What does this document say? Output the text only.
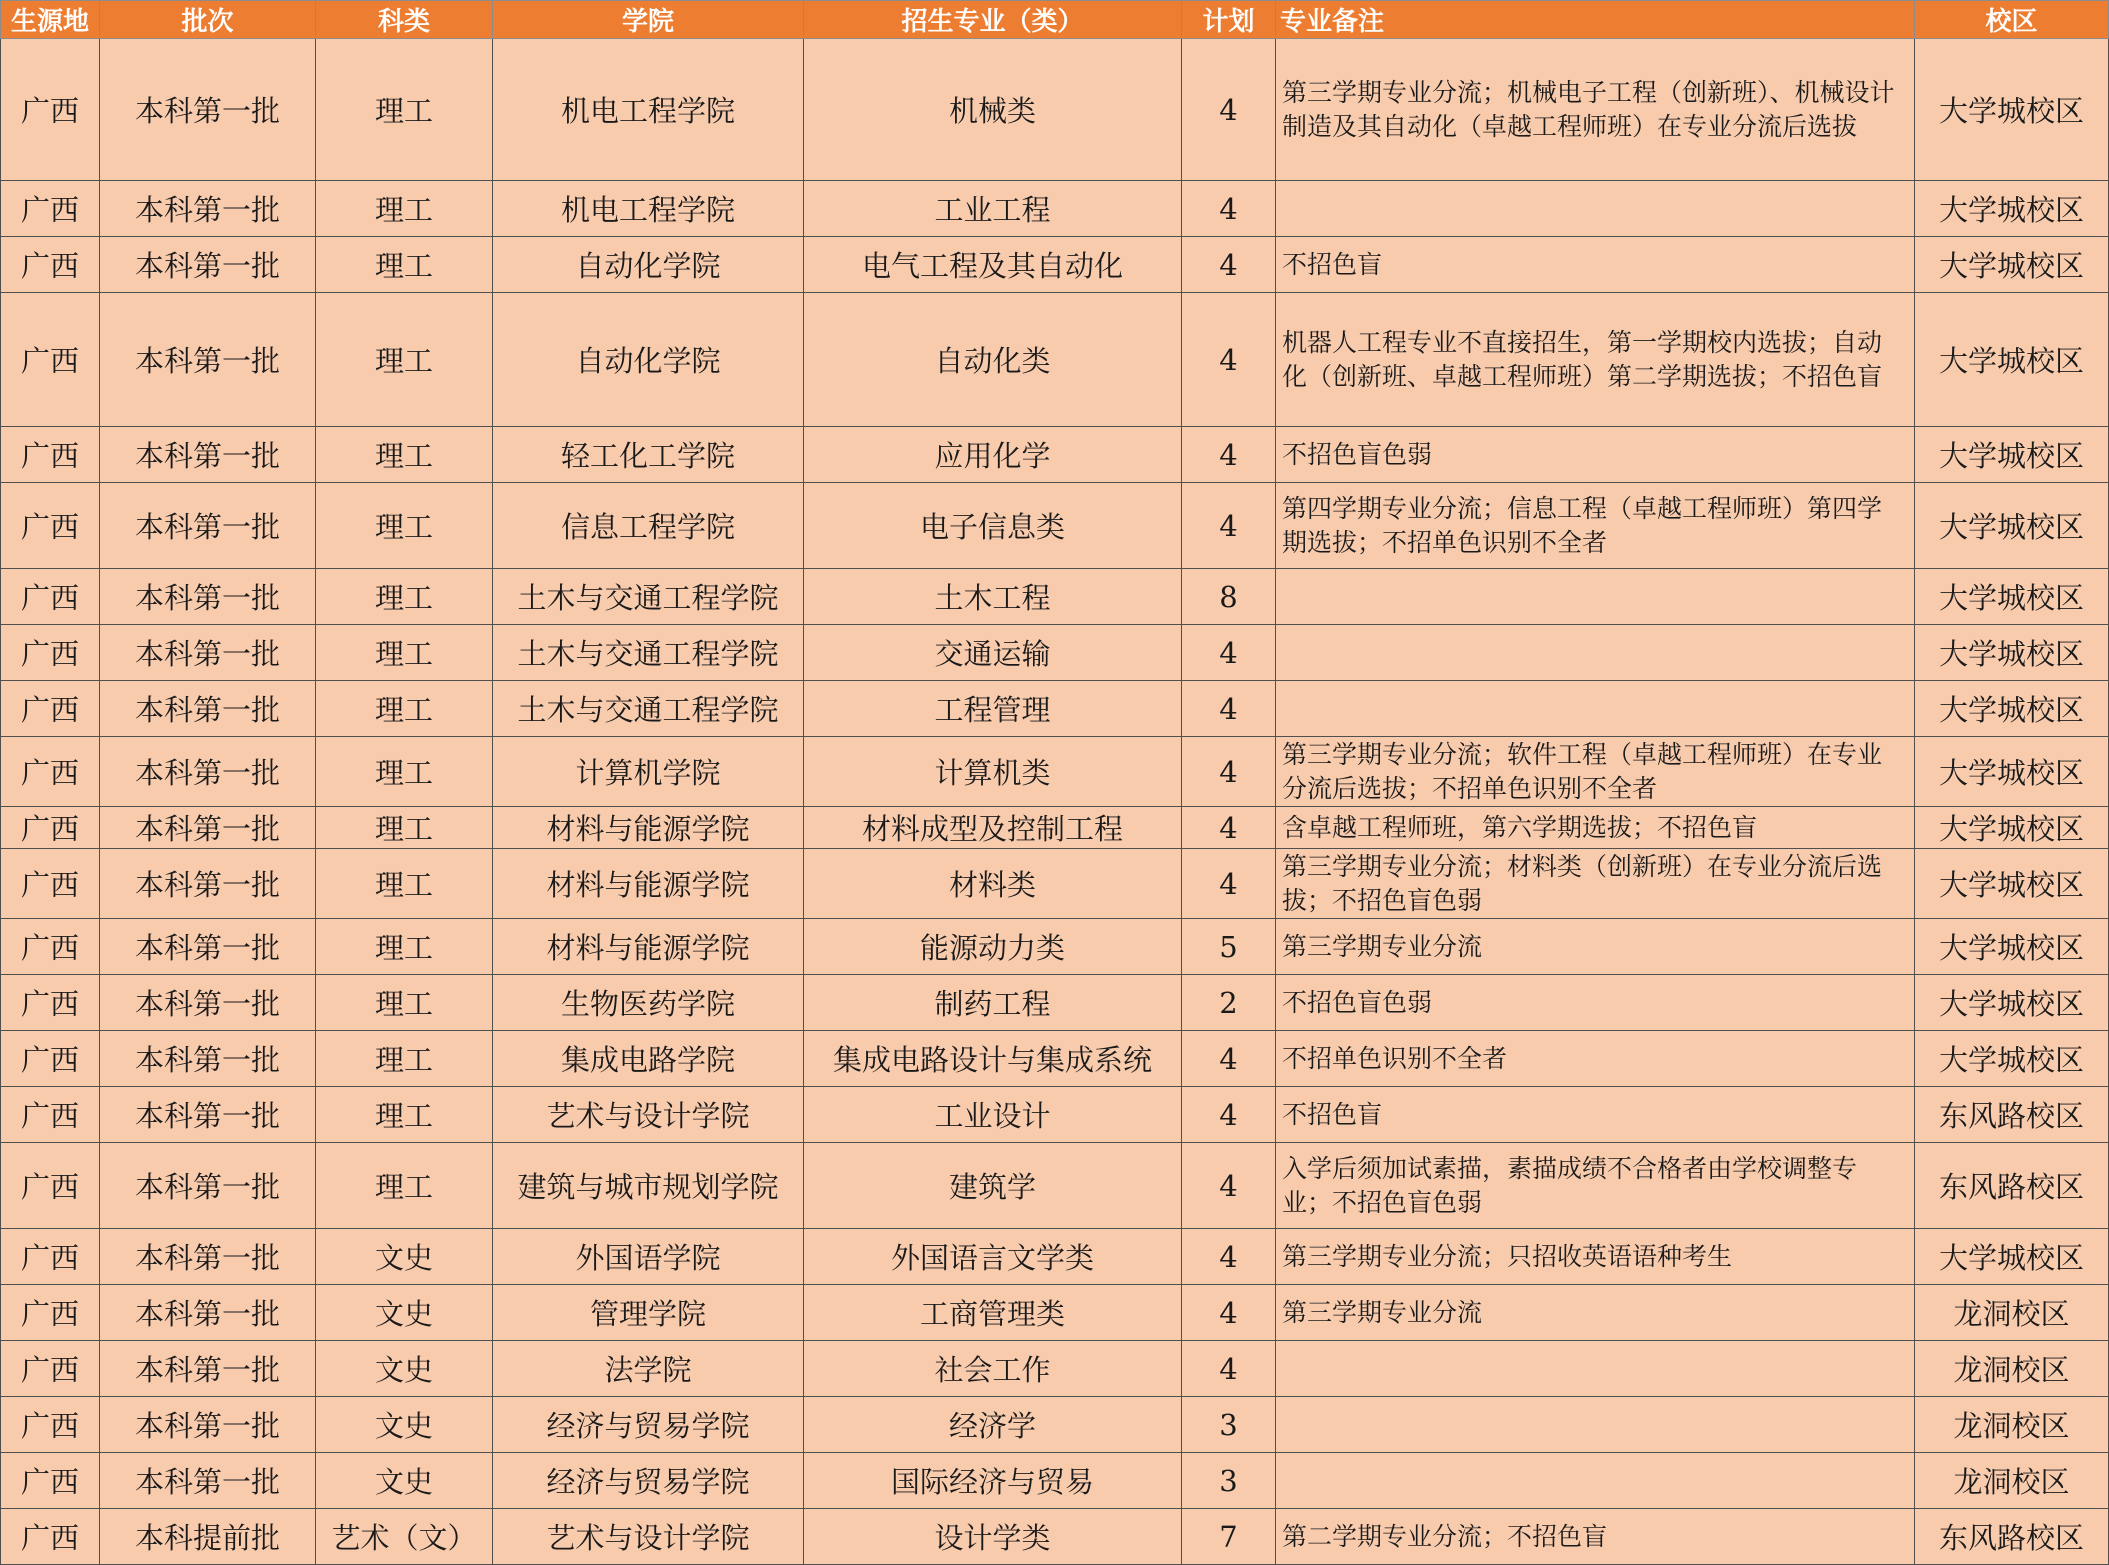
生源地	批次	科类	学院	招生专业（类）	计划	专业备注	校区
广西	本科第一批	理工	机电工程学院	机械类	4	第三学期专业分流；机械电子工程（创新班）、机械设计制造及其自动化（卓越工程师班）在专业分流后选拔	大学城校区
广西	本科第一批	理工	机电工程学院	工业工程	4		大学城校区
广西	本科第一批	理工	自动化学院	电气工程及其自动化	4	不招色盲	大学城校区
广西	本科第一批	理工	自动化学院	自动化类	4	机器人工程专业不直接招生，第一学期校内选拔；自动化（创新班、卓越工程师班）第二学期选拔；不招色盲	大学城校区
广西	本科第一批	理工	轻工化工学院	应用化学	4	不招色盲色弱	大学城校区
广西	本科第一批	理工	信息工程学院	电子信息类	4	第四学期专业分流；信息工程（卓越工程师班）第四学期选拔；不招单色识别不全者	大学城校区
广西	本科第一批	理工	土木与交通工程学院	土木工程	8		大学城校区
广西	本科第一批	理工	土木与交通工程学院	交通运输	4		大学城校区
广西	本科第一批	理工	土木与交通工程学院	工程管理	4		大学城校区
广西	本科第一批	理工	计算机学院	计算机类	4	第三学期专业分流；软件工程（卓越工程师班）在专业分流后选拔；不招单色识别不全者	大学城校区
广西	本科第一批	理工	材料与能源学院	材料成型及控制工程	4	含卓越工程师班，第六学期选拔；不招色盲	大学城校区
广西	本科第一批	理工	材料与能源学院	材料类	4	第三学期专业分流；材料类（创新班）在专业分流后选拔；不招色盲色弱	大学城校区
广西	本科第一批	理工	材料与能源学院	能源动力类	5	第三学期专业分流	大学城校区
广西	本科第一批	理工	生物医药学院	制药工程	2	不招色盲色弱	大学城校区
广西	本科第一批	理工	集成电路学院	集成电路设计与集成系统	4	不招单色识别不全者	大学城校区
广西	本科第一批	理工	艺术与设计学院	工业设计	4	不招色盲	东风路校区
广西	本科第一批	理工	建筑与城市规划学院	建筑学	4	入学后须加试素描，素描成绩不合格者由学校调整专业；不招色盲色弱	东风路校区
广西	本科第一批	文史	外国语学院	外国语言文学类	4	第三学期专业分流；只招收英语语种考生	大学城校区
广西	本科第一批	文史	管理学院	工商管理类	4	第三学期专业分流	龙洞校区
广西	本科第一批	文史	法学院	社会工作	4		龙洞校区
广西	本科第一批	文史	经济与贸易学院	经济学	3		龙洞校区
广西	本科第一批	文史	经济与贸易学院	国际经济与贸易	3		龙洞校区
广西	本科提前批	艺术（文）	艺术与设计学院	设计学类	7	第二学期专业分流；不招色盲	东风路校区
